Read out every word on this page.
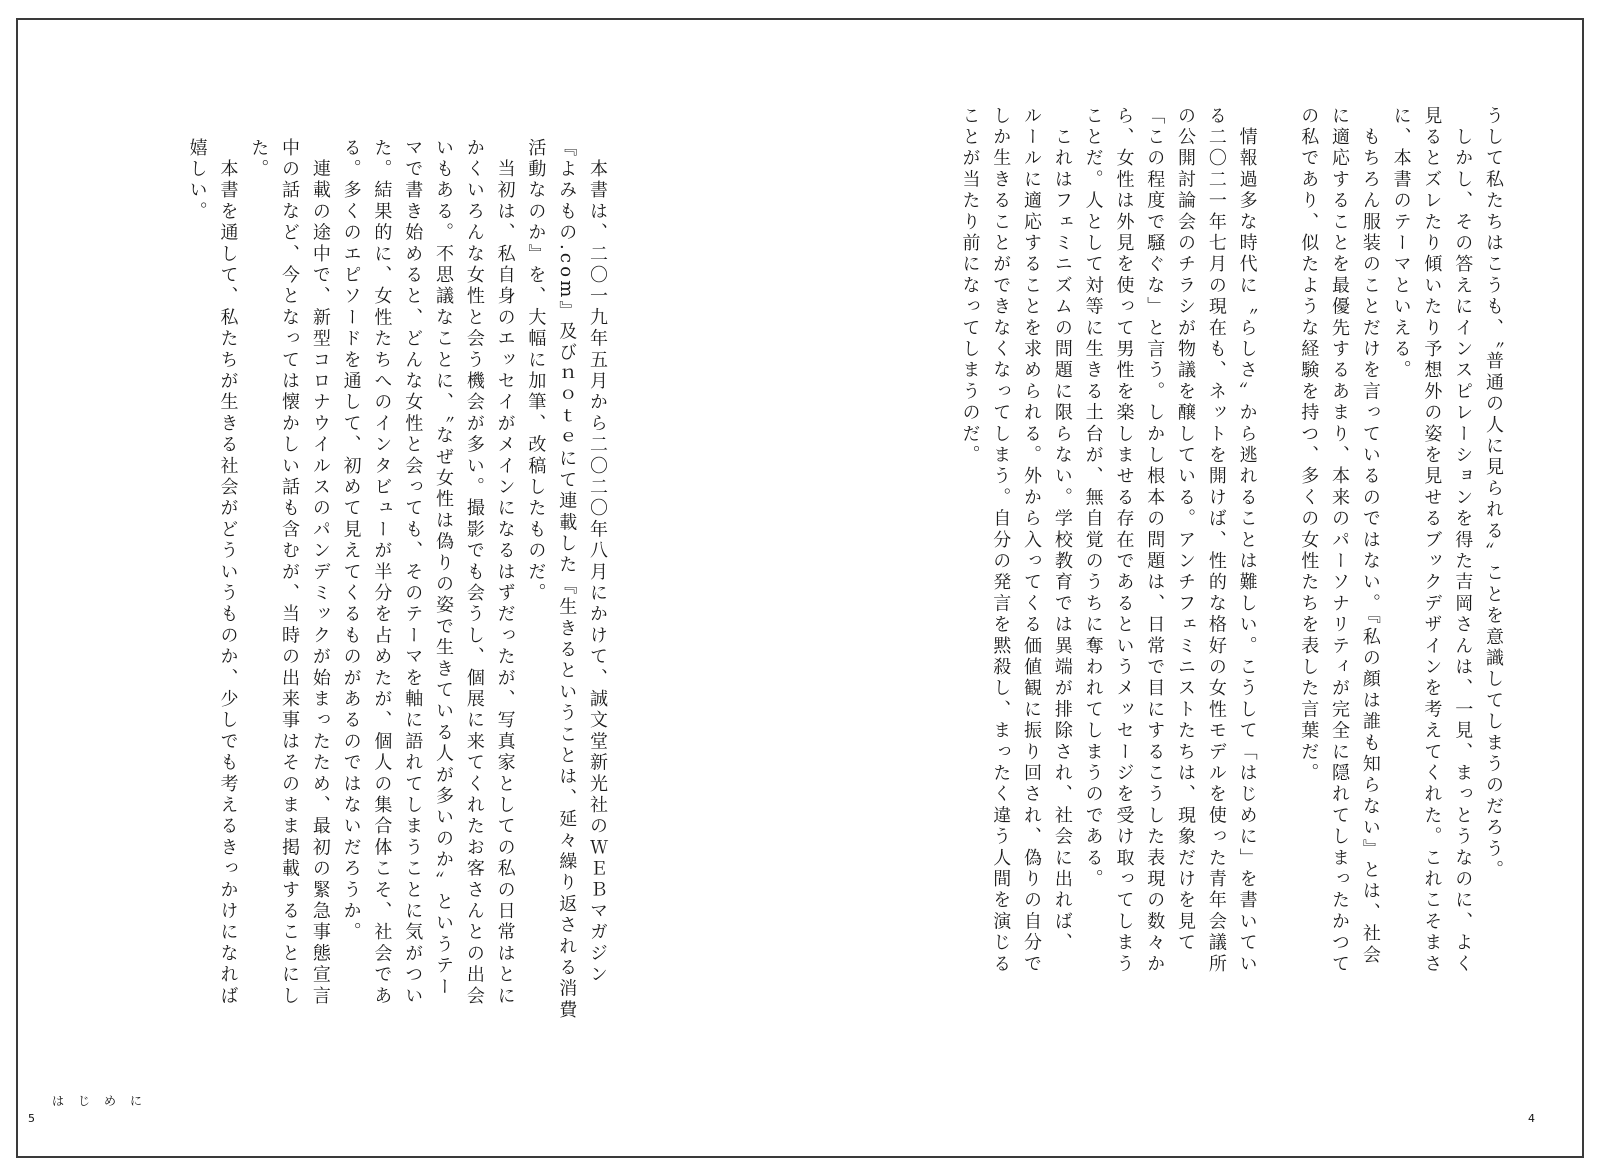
うして私たちはこうも、〝普通の人に見られる〟ことを意識してしまうのだろう。

　しかし、その答えにインスピレーションを得た吉岡さんは、一見、まっとうなのに、よく

見るとズレたり傾いたり予想外の姿を見せるブックデザインを考えてくれた。これこそまさ

に、本書のテーマといえる。

　もちろん服装のことだけを言っているのではない。『私の顔は誰も知らない』とは、社会

に適応することを最優先するあまり、本来のパーソナリティが完全に隠れてしまったかつて

の私であり、似たような経験を持つ、多くの女性たちを表した言葉だ。

　情報過多な時代に〝らしさ〟から逃れることは難しい。こうして「はじめに」を書いてい

る二〇二一年七月の現在も、ネットを開けば、性的な格好の女性モデルを使った青年会議所

の公開討論会のチラシが物議を醸している。アンチフェミニストたちは、現象だけを見て

「この程度で騒ぐな」と言う。しかし根本の問題は、日常で目にするこうした表現の数々か

ら、女性は外見を使って男性を楽しませる存在であるというメッセージを受け取ってしまう

ことだ。人として対等に生きる土台が、無自覚のうちに奪われてしまうのである。

　これはフェミニズムの問題に限らない。学校教育では異端が排除され、社会に出れば、

ルールに適応することを求められる。外から入ってくる価値観に振り回され、偽りの自分で

しか生きることができなくなってしまう。自分の発言を黙殺し、まったく違う人間を演じる

ことが当たり前になってしまうのだ。

　本書は、二〇一九年五月から二〇二〇年八月にかけて、誠文堂新光社のＷＥＢマガジン

『よみもの.com』及びｎｏｔｅにて連載した『生きるということは、延々繰り返される消費

活動なのか』を、大幅に加筆、改稿したものだ。

　当初は、私自身のエッセイがメインになるはずだったが、写真家としての私の日常はとに

かくいろんな女性と会う機会が多い。撮影でも会うし、個展に来てくれたお客さんとの出会

いもある。不思議なことに、〝なぜ女性は偽りの姿で生きている人が多いのか〟というテー

マで書き始めると、どんな女性と会っても、そのテーマを軸に語れてしまうことに気がつい

た。結果的に、女性たちへのインタビューが半分を占めたが、個人の集合体こそ、社会であ

る。多くのエピソードを通して、初めて見えてくるものがあるのではないだろうか。

　連載の途中で、新型コロナウイルスのパンデミックが始まったため、最初の緊急事態宣言

中の話など、今となっては懐かしい話も含むが、当時の出来事はそのまま掲載することにし

た。

　本書を通して、私たちが生きる社会がどういうものか、少しでも考えるきっかけになれば

嬉しい。

はじめに
5	4
